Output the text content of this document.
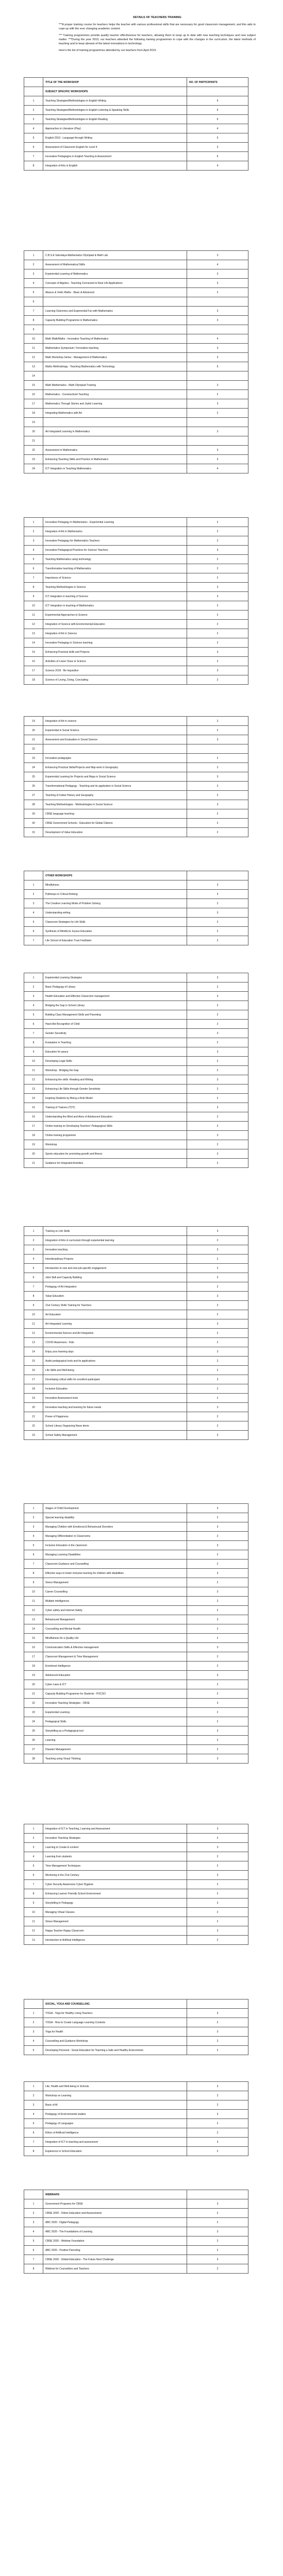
DETAILS OF TEACHERS TRAINING

***A proper training course for teachers helps the teacher with various professional skills that are necessary for good classroom management, and this aids to cope up with the ever changing academic content.

*** Training programmes provide quality teacher effectiveness for teachers, allowing them to keep up to date with new teaching techniques and new subject matter. ***During the year 2019, our teachers attended the following training programmes to cope with the changes in the curriculum, the latest methods of teaching and to keep abreast of the latest innovations in technology.

Here's the list of training programmes attended by our teachers from April 2019.

	TITLE OF THE WORKSHOP	NO. OF PARTICIPANTS
	SUBJECT SPECIFIC WORKSHOPS	
1	Teaching Strategies/Methodologies in English Writing	6
2	Teaching Strategies/Methodologies in English Listening & Speaking Skills	6
3	Teaching Strategies/Methodologies in English Reading	6
4	Approaches in Literature (Play)	4
5	English 2019 - Language through Writing	5
6	Assessment of Classroom English for Level 4	3
7	Innovative Pedagogies in English Teaching & Assessment	6
8	Integration of Arts in English	4
1	C.B.S.E Sahodaya-Mathematics Olympiad & Math Lab	3
2	Assessment of Mathematical Skills	4
3	Experiential Learning of Mathematics	3
4	Concepts of Algebra - Teaching Connected to Real Life Applications	3
5	Abacus & Vedic Maths - Basic & Advanced	2
6		
7	Learning Outcomes and Experiential Fun with Mathematics	3
8	Capacity Building Programme in Mathematics	3
9		
10	Math Walk/Maths - Innovative Teaching of Mathematics	4
11	Mathematics Symposium / Innovative teaching	3
12	Math Workshop Series - Management of Mathematics	3
13	Maths Methodology - Teaching Mathematics with Technology	5
14		
15	Math Mathematics - Math Olympiad Training	3
16	Mathematics - Constructivist Teaching	2
17	Mathematics Through Stories and Joyful Learning	3
18	Integrating Mathematics with Art	2
19		
20	Art Integrated Learning in Mathematics	3
21		
22	Assessment in Mathematics	3
23	Enhancing Teaching Skills and Practice in Mathematics	3
24	ICT Integration in Teaching Mathematics	4
1	Innovative Pedagogy in Mathematics - Experiential Learning	2
2	Integration of Art in Mathematics	2
3	Innovative Pedagogy for Mathematics Teachers	2
4	Innovative Pedagogical Practices for Science Teachers	3
5	Teaching Mathematics using technology	2
6	Transformative teaching of Mathematics	2
7	Importance of Science	2
8	Teaching Methodologies in Science	3
9	ICT integration in teaching of Science	3
10	ICT Integration in teaching of Mathematics	2
11	Experimental Approaches to Science	2
12	Integration of Science with Environmental Education	2
13	Integration of Art in Science	2
14	Innovative Pedagogy in Science teaching	2
15	Enhancing Practical skills and Projects	3
16	Activities of Lower Class in Science	2
17	Science 2019 - Be Inquisitive	3
18	Science of Loving, Doing, Concluding	2
19	Integration of Art in science	2
20	Experiential in Social Science	2
21	Assessment and Evaluation in Social Science	3
22		
23	Innovative pedagogies	2
24	Enhancing Practical Skills/Projects and Map work in Geography	2
25	Experiential Learning for Projects and Maps in Social Science	3
26	Transformational Pedagogy - Teaching and its application in Social Science	2
27	Teaching of Indian History and Geography	2
28	Teaching Methodologies - Methodologies in Social Science	3
29	CBSE language teaching	2
30	CBSE Government Schools - Education for Global Citizens	2
31	Development of Value Education	2
	OTHER WORKSHOPS	
1	Mindfulness	3
2	Pathways to Critical thinking	3
3	The Creative Learning Mode of Problem Solving	2
4	Understanding writing	3
5	Classroom Strategies for Life Skills	2
6	Synthesis of Mindful & Joyous Education	2
7	Life School of Education Trust Facilitator	2
1	Experiential Learning Strategies	3
2	Basic Pedagogy of Library	2
3	Health Education and Effective Classroom management	3
4	Bridging the Gap in School Library	2
5	Building Class Management Skills and Parenting	2
6	Hand Aid Recognition of Child	2
7	Gender Sensitivity	3
8	Evaluation in Teaching	2
9	Education for peace	3
10	Developing Legal Skills	2
11	Workshop - Bridging the Gap	2
12	Enhancing the skills -Reading and Writing	3
13	Enhancing Life Skills through Gender Sensitivity	2
14	Inspiring Students by Being a Role Model	2
15	Training of Trainers (TOT)	3
16	Understanding the Mind and Aims of Adolescent Education	2
17	Online training on Developing Teachers' Pedagogical Skills	2
18	Online training programme	3
19	Workshop	2
20	Sports education for promoting growth and fitness	3
21	Guidance for Integrated Activities	2
1	Training on Life Skills	3
2	Integration of Arts in curriculum through experiential learning	2
3	Innovative teaching	3
4	Interdisciplinary Projects	2
5	Introduction to new and new job-specific engagement	2
6	Joint Skill and Capacity Building	3
7	Pedagogy of Art Integration	2
8	Value Education	3
9	21st Century Skills Training for Teachers	2
10	Art Education	2
11	Art Integrated Learning	3
12	Environmental Science and Art Integration	2
13	COVID Awareness - Kids	2
14	Enjoy your learning days	3
15	Audio pedagogical tools and its applications	2
16	Life Skills and Well-being	2
17	Developing critical skills for excellent participant	3
18	Inclusive Education	2
19	Innovative Assessment tools	2
20	Innovative teaching and learning for future needs	3
21	Power of Happiness	2
22	School Library Organizing News items	2
23	School Safety Management	3
1	Stages of Child Development	3
2	Special learning disability	2
3	Managing Children with Emotional & Behavioural Disorders	3
4	Managing Differentiation in Classrooms	2
5	Inclusive Education in the classroom	3
6	Managing Learning Disabilities	2
7	Classroom Guidance and Counselling	2
8	Effective ways to foster inclusive learning for children with disabilities	3
9	Stress Management	2
10	Career Counselling	3
11	Multiple intelligences	2
12	Cyber safety and Internet Safety	2
13	Behavioural Management	3
14	Counselling and Mental Health	2
15	Mindfulness for a Quality Life	2
16	Communication Skills & Effective management	3
17	Classroom Management & Time Management	2
18	Emotional Intelligence	2
19	Adolescent Education	3
20	Cyber Laws & ICT	2
21	Capacity Building Programme for Students - POCSO	2
22	Innovative Teaching Strategies - CBSE	3
23	Experiential Learning	2
24	Pedagogical Skills	2
25	Storytelling as a Pedagogical tool	3
26	Learning	2
27	Disaster Management	2
28	Teaching using Visual Thinking	3
1	Integration of ICT in Teaching, Learning and Assessment	3
2	Innovative Teaching Strategies	2
3	Learning to Create E-content	3
4	Learning from students	2
5	Time Management Techniques	2
6	Mentoring in the 21st Century	3
7	Cyber Security Awareness Cyber Hygiene	2
8	Enhancing Learner Friendly School Environment	2
9	Storytelling in Pedagogy	3
10	Managing Virtual Classes	2
11	Stress Management	2
12	Happy Teacher Happy Classroom	3
13	Introduction to Artificial Intelligence	2
	SOCIAL, YOGA AND COUNSELLING	
1	YOGA - Yoga for Healthy Living Teachers	3
2	YOGA - How to Create Language Learning Contexts	2
3	Yoga for Health	3
4	Counselling and Guidance Workshop	2
5	Developing Personal - Social Education for Teaching a Safe and Healthy Environment	2
1	Life, Health and Well-being in Schools	3
2	Workshop on Learning	2
3	Basic of AI	2
4	Pedagogy of Environmental studies	3
5	Pedagogy of Languages	2
6	Ethics of Artificial Intelligence	2
7	Integration of ICT in teaching and assessment	3
8	Experience in School Education	2
	WEBINARS	
1	Government Programs for CBSE	3
2	CBSE 2020 - Online Education and Assessments	2
3	ABC 2020 - Digital Pedagogy	2
4	ABC 2020 - The Foundations of Learning	3
5	CBSE 2020 - Webinar Foundation	2
6	ABC 2020 - Positive Parenting	2
7	CBSE 2020 - Global Education - The Future Next Challenge	3
8	Webinar for Counsellors and Teachers	2
